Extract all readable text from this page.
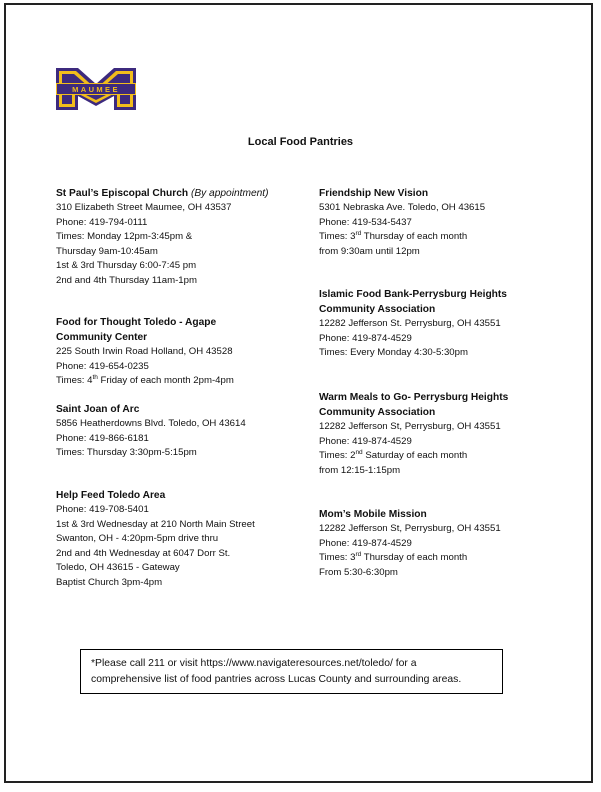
MAUMEE
Local Food Pantries
St Paul’s Episcopal Church (By appointment)
310 Elizabeth Street Maumee, OH 43537
Phone: 419-794-0111
Times: Monday 12pm-3:45pm &
Thursday 9am-10:45am
1st & 3rd Thursday 6:00-7:45 pm
2nd and 4th Thursday 11am-1pm
Food for Thought Toledo - Agape
Community Center
225 South Irwin Road Holland, OH 43528
Phone: 419-654-0235
Times: 4th Friday of each month 2pm-4pm
Saint Joan of Arc
5856 Heatherdowns Blvd. Toledo, OH 43614
Phone: 419-866-6181
Times: Thursday 3:30pm-5:15pm
Help Feed Toledo Area
Phone: 419-708-5401
1st & 3rd Wednesday at 210 North Main Street
Swanton, OH - 4:20pm-5pm drive thru
2nd and 4th Wednesday at 6047 Dorr St.
Toledo, OH 43615 - Gateway
Baptist Church 3pm-4pm
Friendship New Vision
5301 Nebraska Ave. Toledo, OH 43615
Phone: 419-534-5437
Times: 3rd Thursday of each month
from 9:30am until 12pm
Islamic Food Bank-Perrysburg Heights
Community Association
12282 Jefferson St. Perrysburg, OH 43551
Phone: 419-874-4529
Times: Every Monday 4:30-5:30pm
Warm Meals to Go- Perrysburg Heights
Community Association
12282 Jefferson St, Perrysburg, OH 43551
Phone: 419-874-4529
Times: 2nd Saturday of each month
from 12:15-1:15pm
Mom’s Mobile Mission
12282 Jefferson St, Perrysburg, OH 43551
Phone: 419-874-4529
Times: 3rd Thursday of each month
From 5:30-6:30pm
*Please call 211 or visit https://www.navigateresources.net/toledo/ for a
comprehensive list of food pantries across Lucas County and surrounding areas.
